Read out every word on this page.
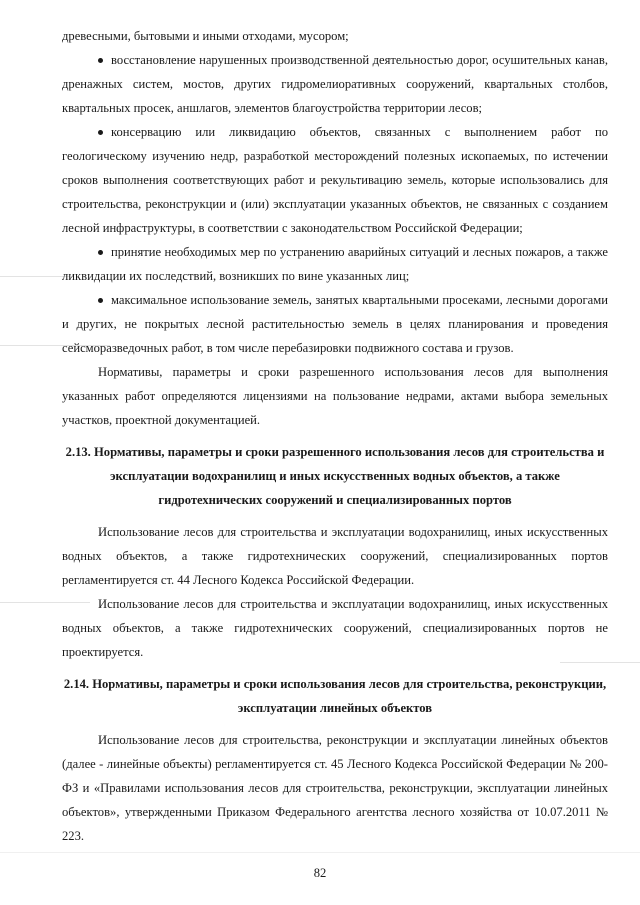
древесными, бытовыми и иными отходами, мусором;

восстановление нарушенных производственной деятельностью дорог, осушительных канав, дренажных систем, мостов, других гидромелиоративных сооружений, квартальных столбов, квартальных просек, аншлагов, элементов благоустройства территории лесов;

консервацию или ликвидацию объектов, связанных с выполнением работ по геологическому изучению недр, разработкой месторождений полезных ископаемых, по истечении сроков выполнения соответствующих работ и рекультивацию земель, которые использовались для строительства, реконструкции и (или) эксплуатации указанных объектов, не связанных с созданием лесной инфраструктуры, в соответствии с законодательством Российской Федерации;

принятие необходимых мер по устранению аварийных ситуаций и лесных пожаров, а также ликвидации их последствий, возникших по вине указанных лиц;

максимальное использование земель, занятых квартальными просеками, лесными дорогами и других, не покрытых лесной растительностью земель в целях планирования и проведения сейсморазведочных работ, в том числе перебазировки подвижного состава и грузов.

Нормативы, параметры и сроки разрешенного использования лесов для выполнения указанных работ определяются лицензиями на пользование недрами, актами выбора земельных участков, проектной документацией.

2.13. Нормативы, параметры и сроки разрешенного использования лесов для строительства и эксплуатации водохранилищ и иных искусственных водных объектов, а также гидротехнических сооружений и специализированных портов

Использование лесов для строительства и эксплуатации водохранилищ, иных искусственных водных объектов, а также гидротехнических сооружений, специализированных портов регламентируется ст. 44 Лесного Кодекса Российской Федерации.

Использование лесов для строительства и эксплуатации водохранилищ, иных искусственных водных объектов, а также гидротехнических сооружений, специализированных портов не проектируется.

2.14. Нормативы, параметры и сроки использования лесов для строительства, реконструкции, эксплуатации линейных объектов

Использование лесов для строительства, реконструкции и эксплуатации линейных объектов (далее - линейные объекты) регламентируется ст. 45 Лесного Кодекса Российской Федерации № 200-ФЗ и «Правилами использования лесов для строительства, реконструкции, эксплуатации линейных объектов», утвержденными Приказом Федерального агентства лесного хозяйства от 10.07.2011 № 223.

82
